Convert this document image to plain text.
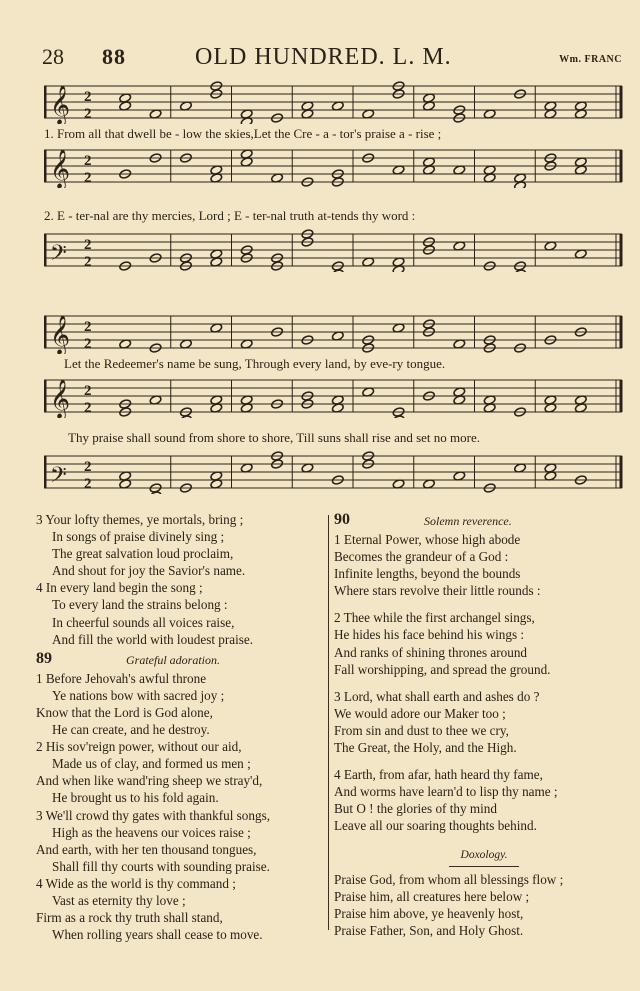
28 88	OLD HUNDRED. L. M.	Wm. FRANC
𝄞 2
2
1. From all that dwell be - low the skies,Let the Cre - a - tor's praise a - rise ;
𝄞 2
2
2. E - ter-nal are thy mercies, Lord ; E - ter-nal truth at-tends thy word :
𝄢 2
2
𝄞 2
2
Let the Redeemer's name be sung, Through every land, by eve-ry tongue.
𝄞 2
2
Thy praise shall sound from shore to shore, Till suns shall rise and set no more.
𝄢 2
2
3 Your lofty themes, ye mortals, bring ;
In songs of praise divinely sing ;
The great salvation loud proclaim,
And shout for joy the Savior's name.
4 In every land begin the song ;
To every land the strains belong :
In cheerful sounds all voices raise,
And fill the world with loudest praise.
89	Grateful adoration.
1 Before Jehovah's awful throne
Ye nations bow with sacred joy ;
Know that the Lord is God alone,
He can create, and he destroy.
2 His sov'reign power, without our aid,
Made us of clay, and formed us men ;
And when like wand'ring sheep we stray'd,
He brought us to his fold again.
3 We'll crowd thy gates with thankful songs,
High as the heavens our voices raise ;
And earth, with her ten thousand tongues,
Shall fill thy courts with sounding praise.
4 Wide as the world is thy command ;
Vast as eternity thy love ;
Firm as a rock thy truth shall stand,
When rolling years shall cease to move.
90	Solemn reverence.
1 Eternal Power, whose high abode
Becomes the grandeur of a God :
Infinite lengths, beyond the bounds
Where stars revolve their little rounds :
2 Thee while the first archangel sings,
He hides his face behind his wings :
And ranks of shining thrones around
Fall worshipping, and spread the ground.
3 Lord, what shall earth and ashes do ?
We would adore our Maker too ;
From sin and dust to thee we cry,
The Great, the Holy, and the High.
4 Earth, from afar, hath heard thy fame,
And worms have learn'd to lisp thy name ;
But O ! the glories of thy mind
Leave all our soaring thoughts behind.
Doxology.
Praise God, from whom all blessings flow ;
Praise him, all creatures here below ;
Praise him above, ye heavenly host,
Praise Father, Son, and Holy Ghost.
